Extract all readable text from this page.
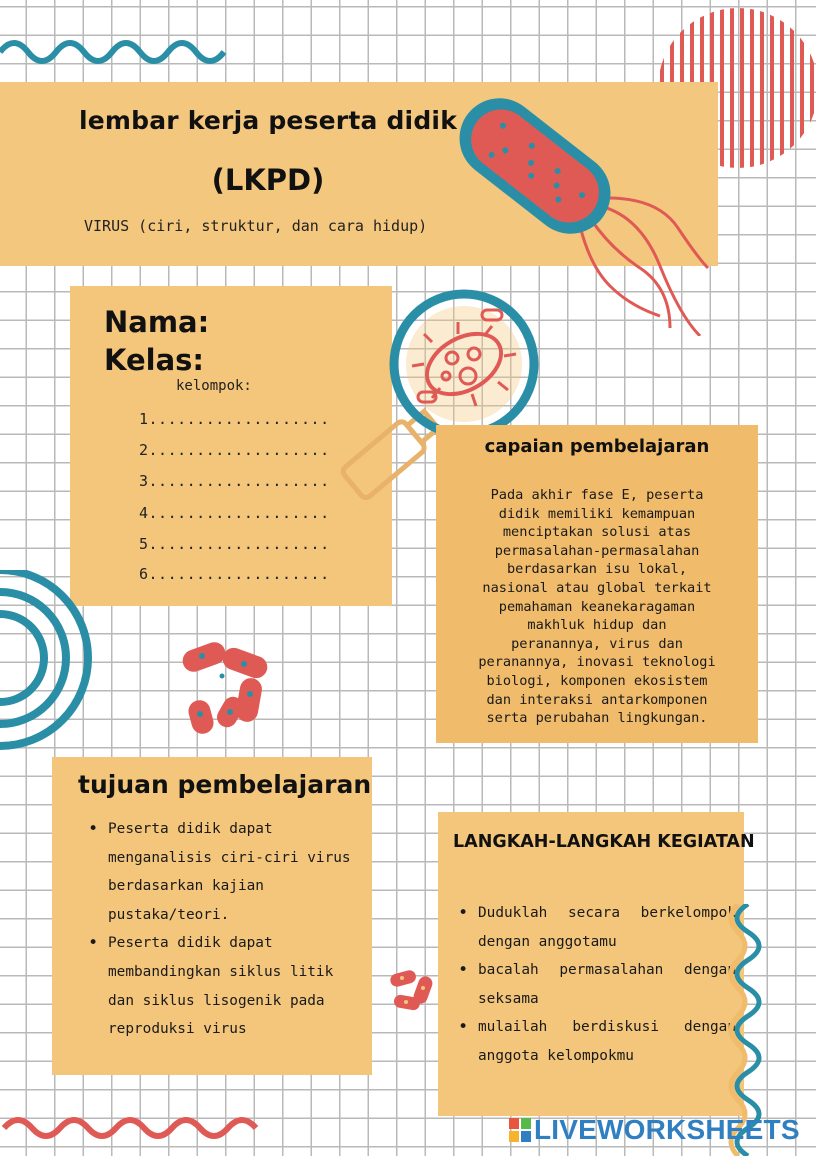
lembar kerja peserta didik
(LKPD)
VIRUS (ciri, struktur, dan cara hidup)
Nama:
Kelas:
kelompok:
1...................
2...................
3...................
4...................
5...................
6...................
capaian pembelajaran
Pada akhir fase E, peserta
didik memiliki kemampuan
menciptakan solusi atas
permasalahan-permasalahan
berdasarkan isu lokal,
nasional atau global terkait
pemahaman keanekaragaman
makhluk hidup dan
peranannya, virus dan
peranannya, inovasi teknologi
biologi, komponen ekosistem
dan interaksi antarkomponen
serta perubahan lingkungan.
tujuan pembelajaran
• Peserta didik dapat menganalisis ciri-ciri virus berdasarkan kajian pustaka/teori.
• Peserta didik dapat membandingkan siklus litik dan siklus lisogenik pada reproduksi virus
LANGKAH-LANGKAH KEGIATAN
• Duduklah secara berkelompok dengan anggotamu
• bacalah permasalahan dengan seksama
• mulailah berdiskusi dengan anggota kelompokmu
LIVEWORKSHEETS
